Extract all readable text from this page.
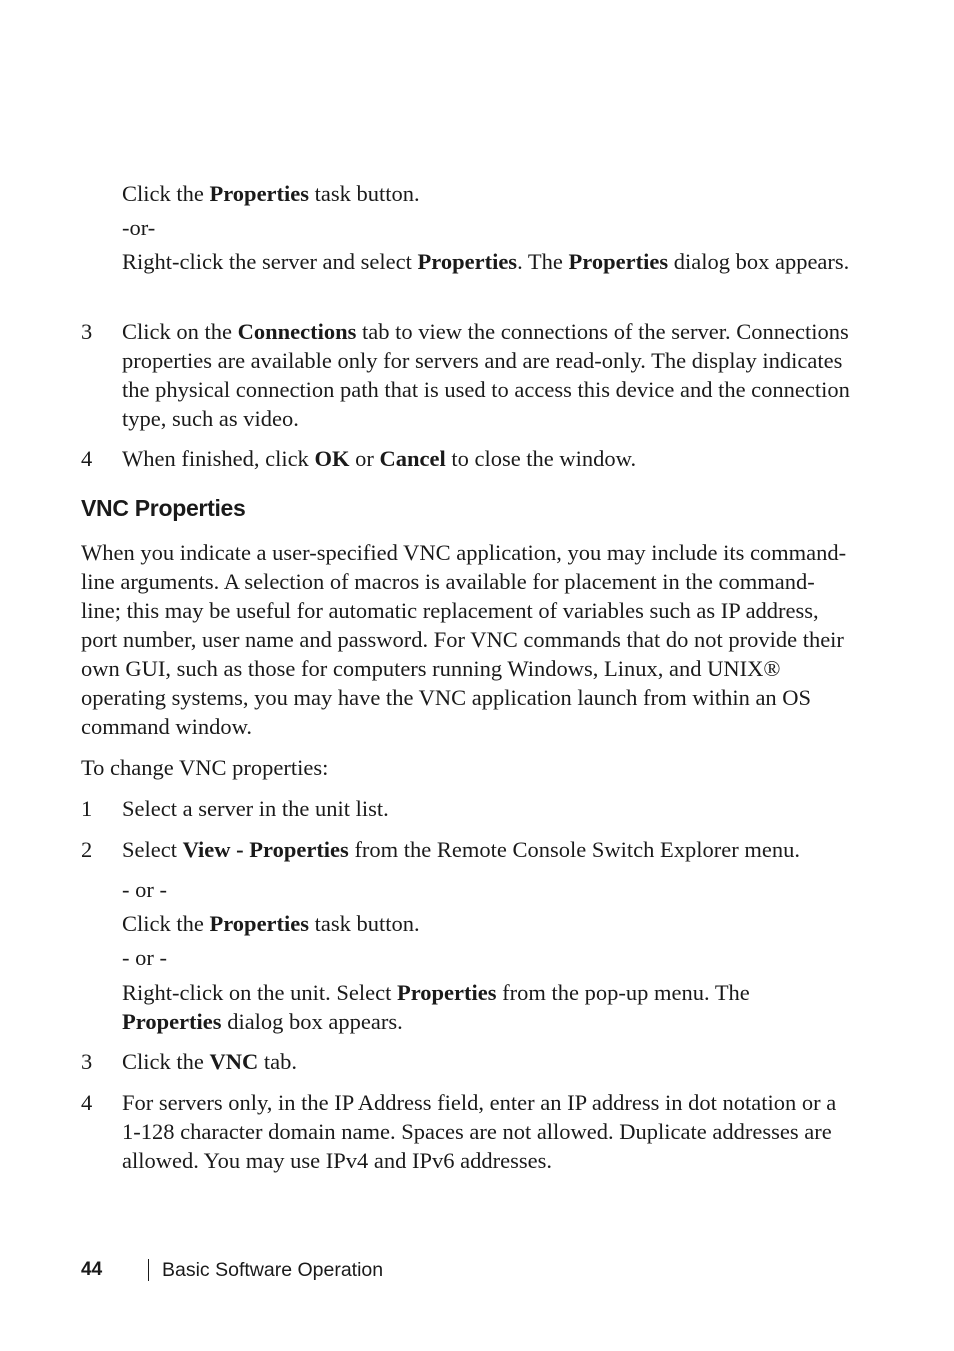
Click the Properties task button.

-or-

Right-click the server and select Properties. The Properties dialog box appears.

3	Click on the Connections tab to view the connections of the server. Connections properties are available only for servers and are read-only. The display indicates the physical connection path that is used to access this device and the connection type, such as video.

4	When finished, click OK or Cancel to close the window.

VNC Properties

When you indicate a user-specified VNC application, you may include its command-line arguments. A selection of macros is available for placement in the command-line; this may be useful for automatic replacement of variables such as IP address, port number, user name and password. For VNC commands that do not provide their own GUI, such as those for computers running Windows, Linux, and UNIX® operating systems, you may have the VNC application launch from within an OS command window.

To change VNC properties:

1	Select a server in the unit list.

2	Select View - Properties from the Remote Console Switch Explorer menu.

- or -

Click the Properties task button.

- or -

Right-click on the unit. Select Properties from the pop-up menu. The
Properties dialog box appears.

3	Click the VNC tab.

4	For servers only, in the IP Address field, enter an IP address in dot notation or a 1-128 character domain name. Spaces are not allowed. Duplicate addresses are allowed. You may use IPv4 and IPv6 addresses.

44	Basic Software Operation
